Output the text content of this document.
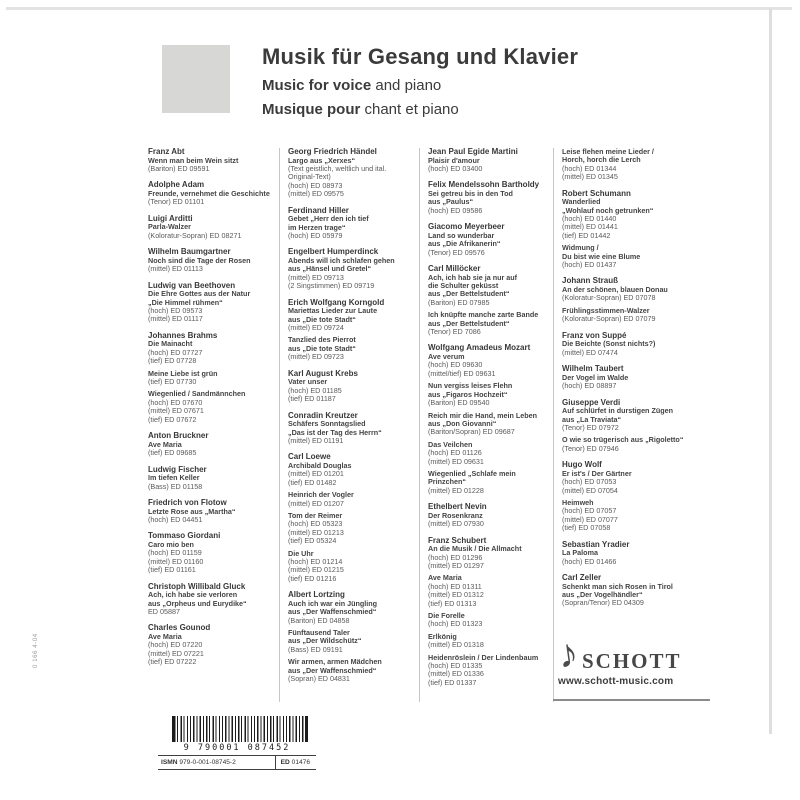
Musik für Gesang und Klavier
Music for voice and piano
Musique pour chant et piano
0 166 4-04
Franz Abt
Wenn man beim Wein sitzt
(Bariton) ED 09591
Adolphe Adam
Freunde, vernehmet die Geschichte
(Tenor) ED 01101
Luigi Arditti
Parla-Walzer
(Koloratur-Sopran) ED 08271
Wilhelm Baumgartner
Noch sind die Tage der Rosen
(mittel) ED 01113
Ludwig van Beethoven
Die Ehre Gottes aus der Natur
„Die Himmel rühmen“
(hoch) ED 09573
(mittel) ED 01117
Johannes Brahms
Die Mainacht
(hoch) ED 07727
(tief) ED 07728
Meine Liebe ist grün
(tief) ED 07730
Wiegenlied / Sandmännchen
(hoch) ED 07670
(mittel) ED 07671
(tief) ED 07672
Anton Bruckner
Ave Maria
(tief) ED 09685
Ludwig Fischer
Im tiefen Keller
(Bass) ED 01158
Friedrich von Flotow
Letzte Rose aus „Martha“
(hoch) ED 04451
Tommaso Giordani
Caro mio ben
(hoch) ED 01159
(mittel) ED 01160
(tief) ED 01161
Christoph Willibald Gluck
Ach, ich habe sie verloren
aus „Orpheus und Eurydike“
ED 05887
Charles Gounod
Ave Maria
(hoch) ED 07220
(mittel) ED 07221
(tief) ED 07222
Georg Friedrich Händel
Largo aus „Xerxes“
(Text geistlich, weltlich und ital.
Original-Text)
(hoch) ED 08973
(mittel) ED 09575
Ferdinand Hiller
Gebet „Herr den ich tief
im Herzen trage“
(hoch) ED 05979
Engelbert Humperdinck
Abends will ich schlafen gehen
aus „Hänsel und Gretel“
(mittel) ED 09713
(2 Singstimmen) ED 09719
Erich Wolfgang Korngold
Mariettas Lieder zur Laute
aus „Die tote Stadt“
(mittel) ED 09724
Tanzlied des Pierrot
aus „Die tote Stadt“
(mittel) ED 09723
Karl August Krebs
Vater unser
(hoch) ED 01185
(tief) ED 01187
Conradin Kreutzer
Schäfers Sonntagslied
„Das ist der Tag des Herrn“
(mittel) ED 01191
Carl Loewe
Archibald Douglas
(mittel) ED 01201
(tief) ED 01482
Heinrich der Vogler
(mittel) ED 01207
Tom der Reimer
(hoch) ED 05323
(mittel) ED 01213
(tief) ED 05324
Die Uhr
(hoch) ED 01214
(mittel) ED 01215
(tief) ED 01216
Albert Lortzing
Auch ich war ein Jüngling
aus „Der Waffenschmied“
(Bariton) ED 04858
Fünftausend Taler
aus „Der Wildschütz“
(Bass) ED 09191
Wir armen, armen Mädchen
aus „Der Waffenschmied“
(Sopran) ED 04831
Jean Paul Egide Martini
Plaisir d'amour
(hoch) ED 03400
Felix Mendelssohn Bartholdy
Sei getreu bis in den Tod
aus „Paulus“
(hoch) ED 09586
Giacomo Meyerbeer
Land so wunderbar
aus „Die Afrikanerin“
(Tenor) ED 09576
Carl Millöcker
Ach, ich hab sie ja nur auf
die Schulter geküsst
aus „Der Bettelstudent“
(Bariton) ED 07985
Ich knüpfte manche zarte Bande
aus „Der Bettelstudent“
(Tenor) ED 7086
Wolfgang Amadeus Mozart
Ave verum
(hoch) ED 09630
(mittel/tief) ED 09631
Nun vergiss leises Flehn
aus „Figaros Hochzeit“
(Bariton) ED 09540
Reich mir die Hand, mein Leben
aus „Don Giovanni“
(Bariton/Sopran) ED 09687
Das Veilchen
(hoch) ED 01126
(mittel) ED 09631
Wiegenlied „Schlafe mein Prinzchen“
(mittel) ED 01228
Ethelbert Nevin
Der Rosenkranz
(mittel) ED 07930
Franz Schubert
An die Musik / Die Allmacht
(hoch) ED 01296
(mittel) ED 01297
Ave Maria
(hoch) ED 01311
(mittel) ED 01312
(tief) ED 01313
Die Forelle
(hoch) ED 01323
Erlkönig
(mittel) ED 01318
Heidenröslein / Der Lindenbaum
(hoch) ED 01335
(mittel) ED 01336
(tief) ED 01337
Leise flehen meine Lieder /
Horch, horch die Lerch
(hoch) ED 01344
(mittel) ED 01345
Robert Schumann
Wanderlied
„Wohlauf noch getrunken“
(hoch) ED 01440
(mittel) ED 01441
(tief) ED 01442
Widmung /
Du bist wie eine Blume
(hoch) ED 01437
Johann Strauß
An der schönen, blauen Donau
(Koloratur-Sopran) ED 07078
Frühlingsstimmen-Walzer
(Koloratur-Sopran) ED 07079
Franz von Suppé
Die Beichte (Sonst nichts?)
(mittel) ED 07474
Wilhelm Taubert
Der Vogel im Walde
(hoch) ED 08897
Giuseppe Verdi
Auf schlürfet in durstigen Zügen
aus „La Traviata“
(Tenor) ED 07972
O wie so trügerisch aus „Rigoletto“
(Tenor) ED 07946
Hugo Wolf
Er ist's / Der Gärtner
(hoch) ED 07053
(mittel) ED 07054
Heimweh
(hoch) ED 07057
(mittel) ED 07077
(tief) ED 07058
Sebastian Yradier
La Paloma
(hoch) ED 01466
Carl Zeller
Schenkt man sich Rosen in Tirol
aus „Der Vogelhändler“
(Sopran/Tenor) ED 04309
♪ SCHOTT
www.schott-music.com
9 790001 087452
ISMN 979-0-001-08745-2	ED 01476
